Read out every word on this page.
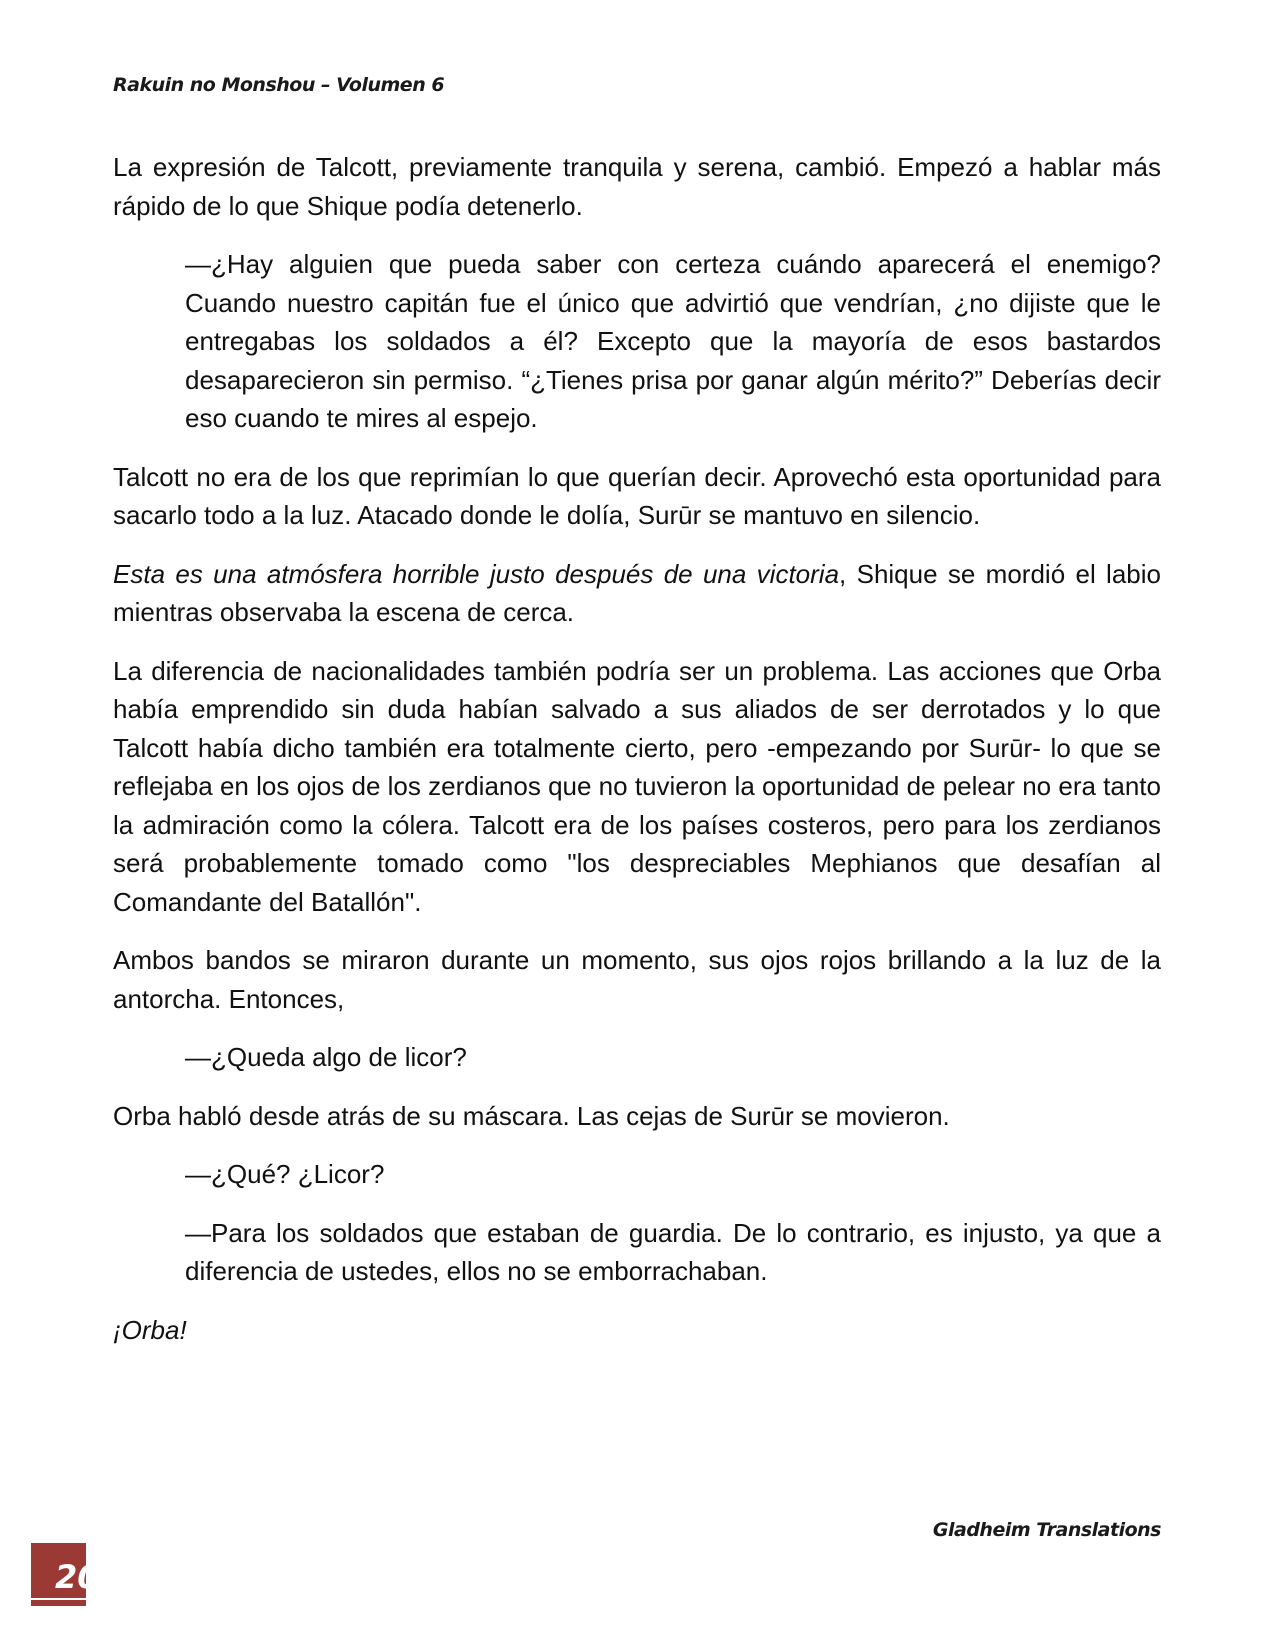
Rakuin no Monshou – Volumen 6

La expresión de Talcott, previamente tranquila y serena, cambió. Empezó a hablar más rápido de lo que Shique podía detenerlo.

—¿Hay alguien que pueda saber con certeza cuándo aparecerá el enemigo? Cuando nuestro capitán fue el único que advirtió que vendrían, ¿no dijiste que le entregabas los soldados a él? Excepto que la mayoría de esos bastardos desaparecieron sin permiso. “¿Tienes prisa por ganar algún mérito?” Deberías decir eso cuando te mires al espejo.

Talcott no era de los que reprimían lo que querían decir. Aprovechó esta oportunidad para sacarlo todo a la luz. Atacado donde le dolía, Surūr se mantuvo en silencio.

Esta es una atmósfera horrible justo después de una victoria, Shique se mordió el labio mientras observaba la escena de cerca.

La diferencia de nacionalidades también podría ser un problema. Las acciones que Orba había emprendido sin duda habían salvado a sus aliados de ser derrotados y lo que Talcott había dicho también era totalmente cierto, pero -empezando por Surūr- lo que se reflejaba en los ojos de los zerdianos que no tuvieron la oportunidad de pelear no era tanto la admiración como la cólera. Talcott era de los países costeros, pero para los zerdianos será probablemente tomado como "los despreciables Mephianos que desafían al Comandante del Batallón".

Ambos bandos se miraron durante un momento, sus ojos rojos brillando a la luz de la antorcha. Entonces,

—¿Queda algo de licor?

Orba habló desde atrás de su máscara. Las cejas de Surūr se movieron.

—¿Qué? ¿Licor?

—Para los soldados que estaban de guardia. De lo contrario, es injusto, ya que a diferencia de ustedes, ellos no se emborrachaban.

¡Orba!

Gladheim Translations
20
